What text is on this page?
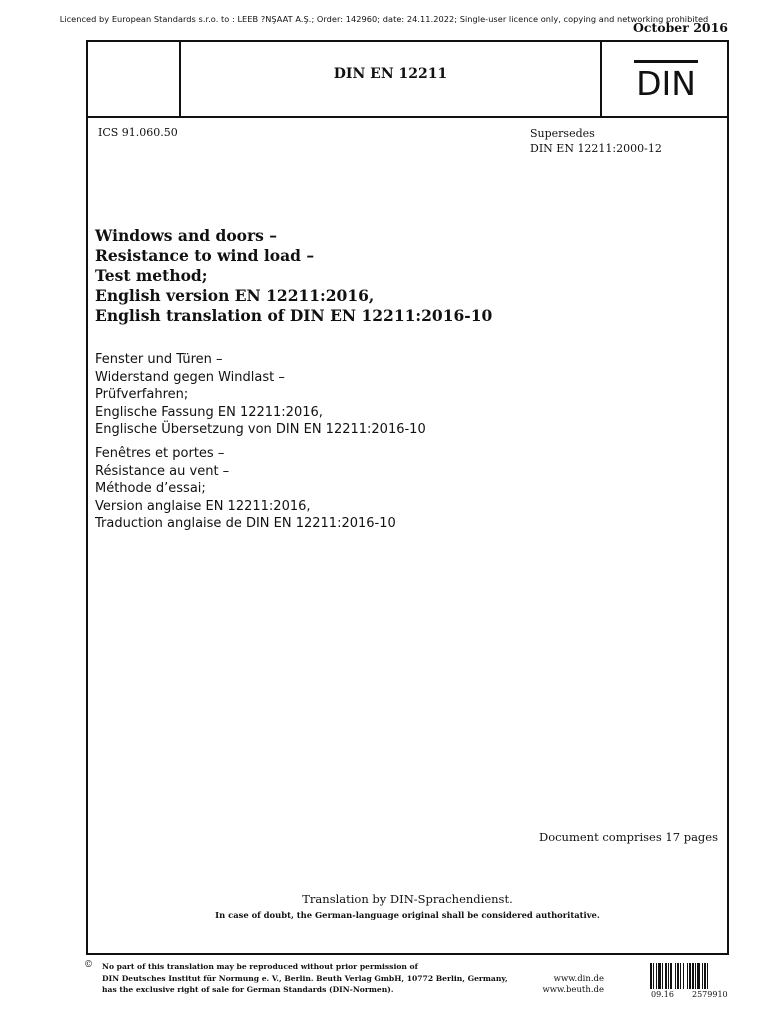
Licenced by European Standards s.r.o. to : LEEB ?NŞAAT A.Ş.; Order: 142960; date: 24.11.2022; Single-user licence only, copying and networking prohibited
October 2016
DIN EN 12211	DIN
ICS 91.060.50	Supersedes
DIN EN 12211:2000-12
Windows and doors –
Resistance to wind load –
Test method;
English version EN 12211:2016,
English translation of DIN EN 12211:2016-10
Fenster und Türen –
Widerstand gegen Windlast –
Prüfverfahren;
Englische Fassung EN 12211:2016,
Englische Übersetzung von DIN EN 12211:2016-10
Fenêtres et portes –
Résistance au vent –
Méthode d’essai;
Version anglaise EN 12211:2016,
Traduction anglaise de DIN EN 12211:2016-10
Document comprises 17 pages
Translation by DIN-Sprachendienst.
In case of doubt, the German-language original shall be considered authoritative.
© No part of this translation may be reproduced without prior permission of
DIN Deutsches Institut für Normung e. V., Berlin. Beuth Verlag GmbH, 10772 Berlin, Germany,
has the exclusive right of sale for German Standards (DIN-Normen).
www.din.de
www.beuth.de	09.16 2579910
